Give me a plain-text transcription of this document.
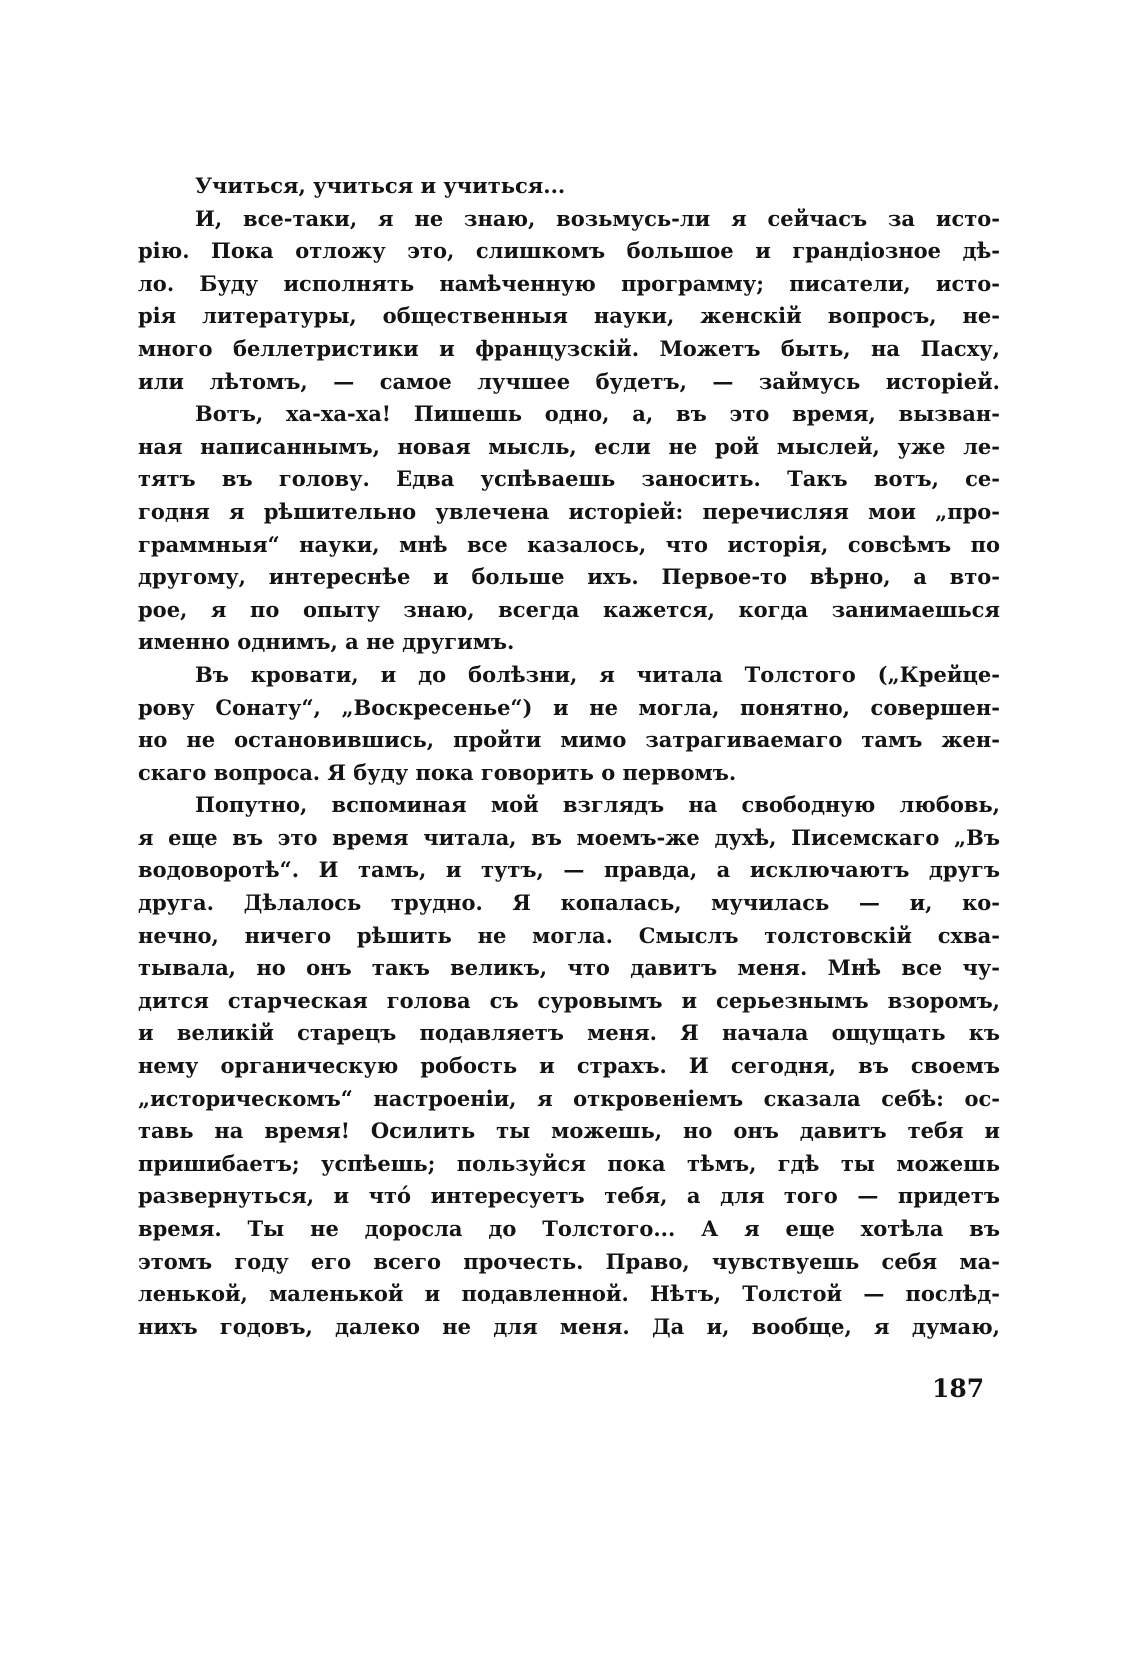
Учиться, учиться и учиться...
И, все-таки, я не знаю, возьмусь-ли я сейчасъ за исто-
рію. Пока отложу это, слишкомъ большое и грандіозное дѣ-
ло. Буду исполнять намѣченную программу; писатели, исто-
рія литературы, общественныя науки, женскій вопросъ, не-
много беллетристики и французскій. Можетъ быть, на Пасху,
или лѣтомъ, — самое лучшее будетъ, — займусь исторіей.
Вотъ, ха-ха-ха! Пишешь одно, а, въ это время, вызван-
ная написаннымъ, новая мысль, если не рой мыслей, уже ле-
тятъ въ голову. Едва успѣваешь заносить. Такъ вотъ, се-
годня я рѣшительно увлечена исторіей: перечисляя мои „про-
граммныя“ науки, мнѣ все казалось, что исторія, совсѣмъ по
другому, интереснѣе и больше ихъ. Первое-то вѣрно, а вто-
рое, я по опыту знаю, всегда кажется, когда занимаешься
именно однимъ, а не другимъ.
Въ кровати, и до болѣзни, я читала Толстого („Крейце-
рову Сонату“, „Воскресенье“) и не могла, понятно, совершен-
но не остановившись, пройти мимо затрагиваемаго тамъ жен-
скаго вопроса. Я буду пока говорить о первомъ.
Попутно, вспоминая мой взглядъ на свободную любовь,
я еще въ это время читала, въ моемъ-же духѣ, Писемскаго „Въ
водоворотѣ“. И тамъ, и тутъ, — правда, а исключаютъ другъ
друга. Дѣлалось трудно. Я копалась, мучилась — и, ко-
нечно, ничего рѣшить не могла. Смыслъ толстовскій схва-
тывала, но онъ такъ великъ, что давитъ меня. Мнѣ все чу-
дится старческая голова съ суровымъ и серьезнымъ взоромъ,
и великій старецъ подавляетъ меня. Я начала ощущать къ
нему органическую робость и страхъ. И сегодня, въ своемъ
„историческомъ“ настроеніи, я откровеніемъ сказала себѣ: ос-
тавь на время! Осилить ты можешь, но онъ давитъ тебя и
пришибаетъ; успѣешь; пользуйся пока тѣмъ, гдѣ ты можешь
развернуться, и что́ интересуетъ тебя, а для того — придетъ
время. Ты не доросла до Толстого... А я еще хотѣла въ
этомъ году его всего прочесть. Право, чувствуешь себя ма-
ленькой, маленькой и подавленной. Нѣтъ, Толстой — послѣд-
нихъ годовъ, далеко не для меня. Да и, вообще, я думаю,
187
